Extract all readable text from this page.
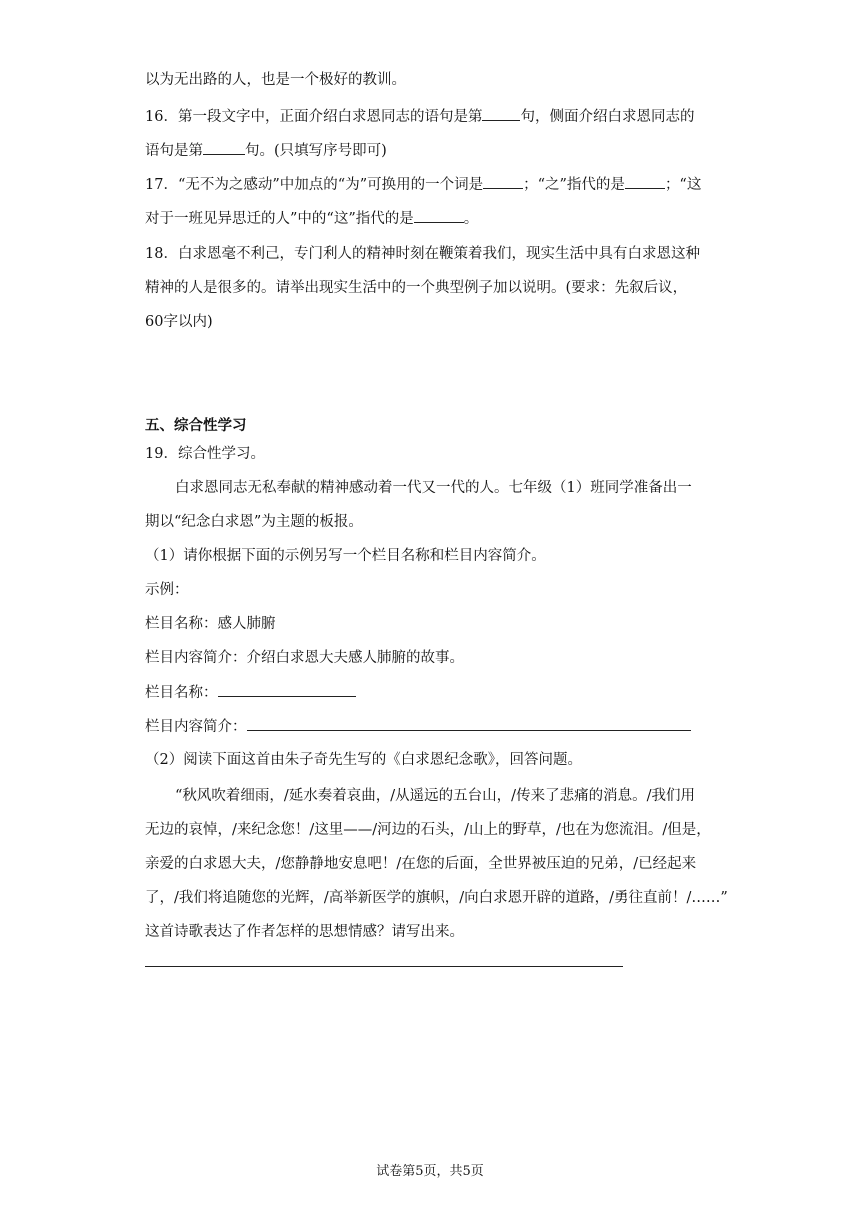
以为无出路的人，也是一个极好的教训。
16．第一段文字中，正面介绍白求恩同志的语句是第	句，侧面介绍白求恩同志的
语句是第	句。(只填写序号即可)
17．“无不为之感动”中加点的“为”可换用的一个词是	；“之”指代的是	；“这
对于一班见异思迁的人”中的“这”指代的是	。
18．白求恩毫不利己，专门利人的精神时刻在鞭策着我们，现实生活中具有白求恩这种
精神的人是很多的。请举出现实生活中的一个典型例子加以说明。(要求：先叙后议，
60字以内)
五、综合性学习
19．综合性学习。
白求恩同志无私奉献的精神感动着一代又一代的人。七年级（1）班同学准备出一
期以“纪念白求恩”为主题的板报。
（1）请你根据下面的示例另写一个栏目名称和栏目内容简介。
示例：
栏目名称：感人肺腑
栏目内容简介：介绍白求恩大夫感人肺腑的故事。
栏目名称：
栏目内容简介：
（2）阅读下面这首由朱子奇先生写的《白求恩纪念歌》，回答问题。
“秋风吹着细雨，/延水奏着哀曲，/从遥远的五台山，/传来了悲痛的消息。/我们用
无边的哀悼，/来纪念您！/这里——/河边的石头，/山上的野草，/也在为您流泪。/但是，
亲爱的白求恩大夫，/您静静地安息吧！/在您的后面，全世界被压迫的兄弟，/已经起来
了，/我们将追随您的光辉，/高举新医学的旗帜，/向白求恩开辟的道路，/勇往直前！/……”
这首诗歌表达了作者怎样的思想情感？请写出来。
试卷第5页，共5页
